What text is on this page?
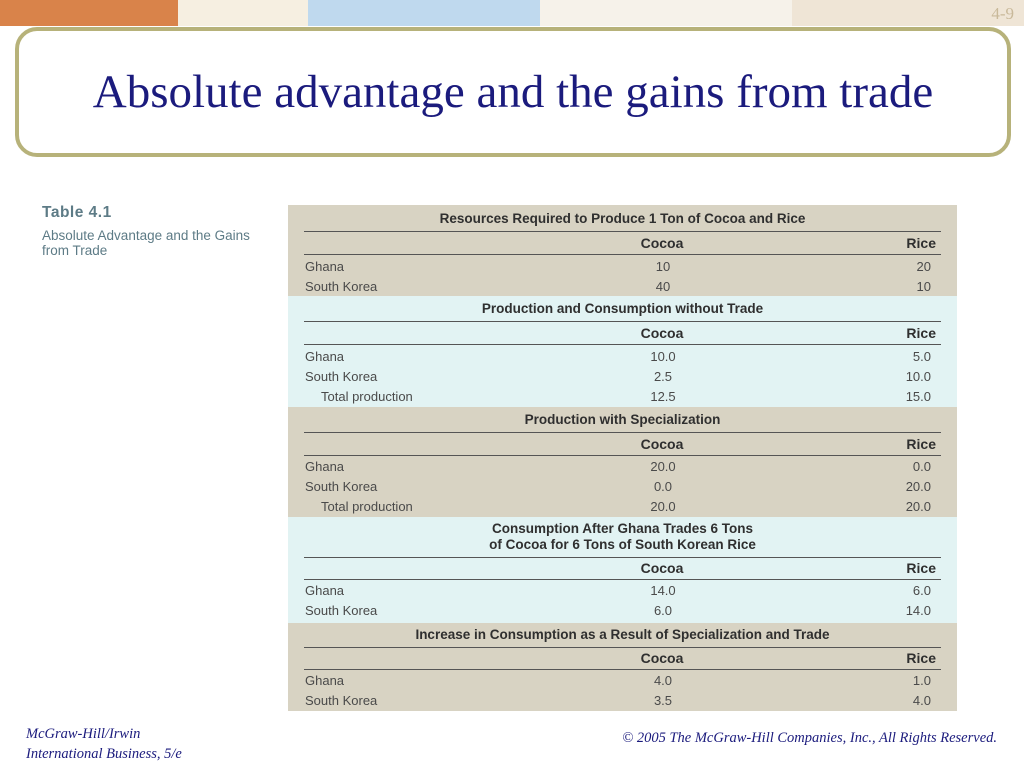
4-9
Absolute advantage and the gains from trade
Table 4.1
Absolute Advantage and the Gains from Trade
Resources Required to Produce 1 Ton of Cocoa and Rice
Cocoa	Rice
Ghana	10	20
South Korea	40	10
Production and Consumption without Trade
Cocoa	Rice
Ghana	10.0	5.0
South Korea	2.5	10.0
Total production	12.5	15.0
Production with Specialization
Cocoa	Rice
Ghana	20.0	0.0
South Korea	0.0	20.0
Total production	20.0	20.0
Consumption After Ghana Trades 6 Tons
of Cocoa for 6 Tons of South Korean Rice
Cocoa	Rice
Ghana	14.0	6.0
South Korea	6.0	14.0
Increase in Consumption as a Result of Specialization and Trade
Cocoa	Rice
Ghana	4.0	1.0
South Korea	3.5	4.0
McGraw-Hill/Irwin
International Business, 5/e
© 2005 The McGraw-Hill Companies, Inc., All Rights Reserved.
